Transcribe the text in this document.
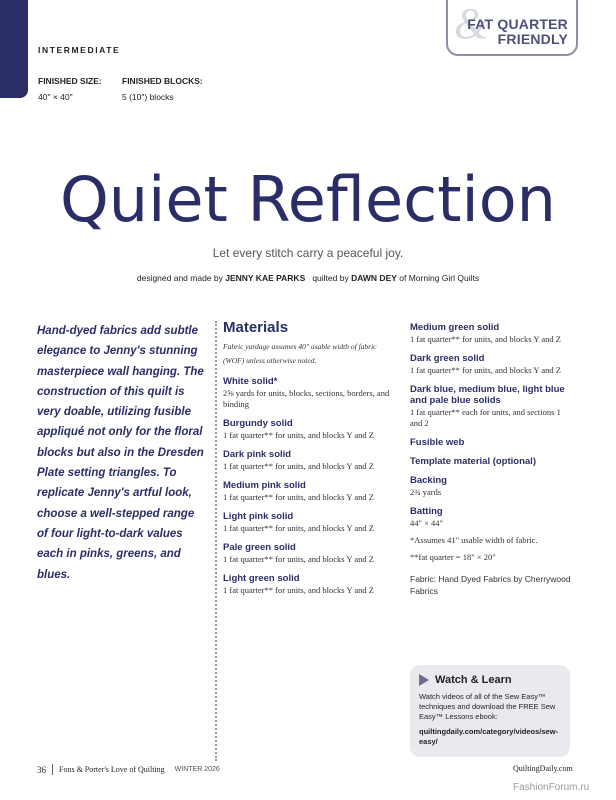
&
FAT QUARTER
FRIENDLY
INTERMEDIATE
FINISHED SIZE:
40" × 40"
FINISHED BLOCKS:
5 (10") blocks
Quiet Reflection
Let every stitch carry a peaceful joy.
designed and made by JENNY KAE PARKS quilted by DAWN DEY of Morning Girl Quilts
Hand-dyed fabrics add subtle elegance to Jenny's stunning masterpiece wall hanging. The construction of this quilt is very doable, utilizing fusible appliqué not only for the floral blocks but also in the Dresden Plate setting triangles. To replicate Jenny's artful look, choose a well-stepped range of four light-to-dark values each in pinks, greens, and blues.
Materials
Fabric yardage assumes 40" usable width of fabric (WOF) unless otherwise noted.
White solid*
2⅝ yards for units, blocks, sections, borders, and binding
Burgundy solid
1 fat quarter** for units, and blocks Y and Z
Dark pink solid
1 fat quarter** for units, and blocks Y and Z
Medium pink solid
1 fat quarter** for units, and blocks Y and Z
Light pink solid
1 fat quarter** for units, and blocks Y and Z
Pale green solid
1 fat quarter** for units, and blocks Y and Z
Light green solid
1 fat quarter** for units, and blocks Y and Z
Medium green solid
1 fat quarter** for units, and blocks Y and Z
Dark green solid
1 fat quarter** for units, and blocks Y and Z
Dark blue, medium blue, light blue and pale blue solids
1 fat quarter** each for units, and sections 1 and 2
Fusible web
Template material (optional)
Backing
2¾ yards
Batting
44" × 44"
*Assumes 41" usable width of fabric.
**fat quarter = 18" × 20"
Fabric: Hand Dyed Fabrics by Cherrywood Fabrics
Watch & Learn
Watch videos of all of the Sew Easy™ techniques and download the FREE Sew Easy™ Lessons ebook:
quiltingdaily.com/category/videos/sew-easy/
36 Fons & Porter's Love of Quilting WINTER 2026	QuiltingDaily.com
FashionForum.ru
